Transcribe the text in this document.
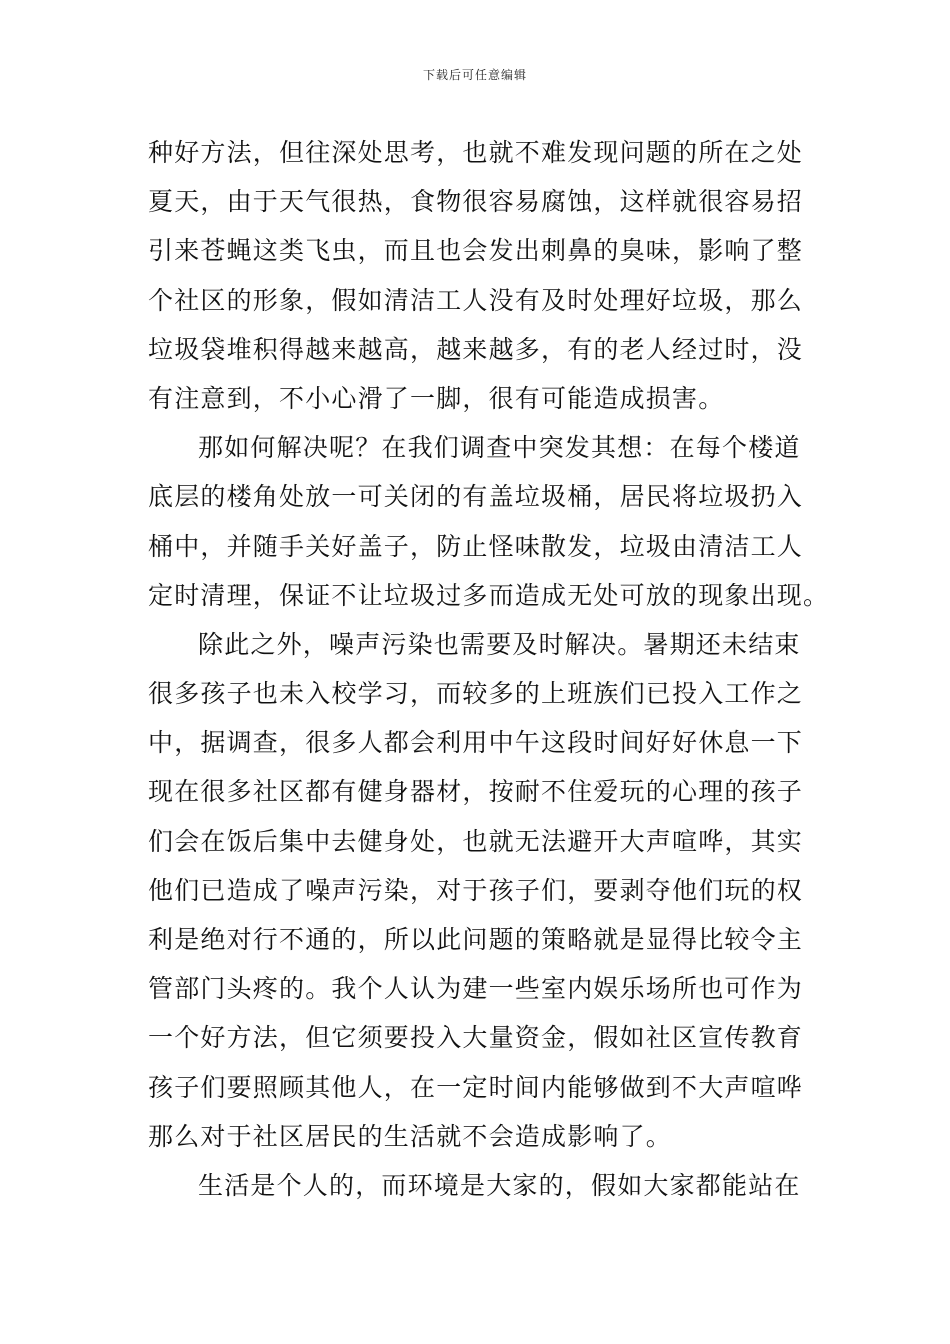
下载后可任意编辑
种好方法，但往深处思考，也就不难发现问题的所在之处
夏天，由于天气很热，食物很容易腐蚀，这样就很容易招
引来苍蝇这类飞虫，而且也会发出刺鼻的臭味，影响了整
个社区的形象，假如清洁工人没有及时处理好垃圾，那么
垃圾袋堆积得越来越高，越来越多，有的老人经过时，没
有注意到，不小心滑了一脚，很有可能造成损害。
那如何解决呢？在我们调查中突发其想：在每个楼道
底层的楼角处放一可关闭的有盖垃圾桶，居民将垃圾扔入
桶中，并随手关好盖子，防止怪味散发，垃圾由清洁工人
定时清理，保证不让垃圾过多而造成无处可放的现象出现。
除此之外，噪声污染也需要及时解决。暑期还未结束
很多孩子也未入校学习，而较多的上班族们已投入工作之
中，据调查，很多人都会利用中午这段时间好好休息一下
现在很多社区都有健身器材，按耐不住爱玩的心理的孩子
们会在饭后集中去健身处，也就无法避开大声喧哗，其实
他们已造成了噪声污染，对于孩子们，要剥夺他们玩的权
利是绝对行不通的，所以此问题的策略就是显得比较令主
管部门头疼的。我个人认为建一些室内娱乐场所也可作为
一个好方法，但它须要投入大量资金，假如社区宣传教育
孩子们要照顾其他人，在一定时间内能够做到不大声喧哗
那么对于社区居民的生活就不会造成影响了。
生活是个人的，而环境是大家的，假如大家都能站在
